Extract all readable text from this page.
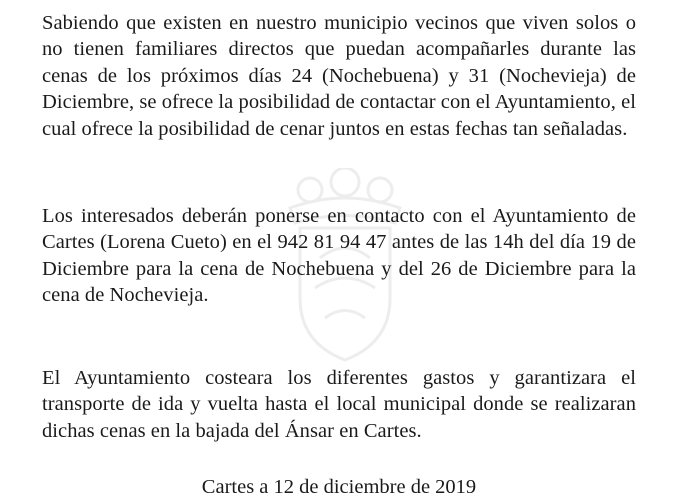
Sabiendo que existen en nuestro municipio vecinos que viven solos o no tienen familiares directos que puedan acompañarles durante las cenas de los próximos días 24 (Nochebuena) y 31 (Nochevieja) de Diciembre, se ofrece la posibilidad de contactar con el Ayuntamiento, el cual ofrece la posibilidad de cenar juntos en estas fechas tan señaladas.

Los interesados deberán ponerse en contacto con el Ayuntamiento de Cartes (Lorena Cueto) en el 942 81 94 47 antes de las 14h del día 19 de Diciembre para la cena de Nochebuena y del 26 de Diciembre para la cena de Nochevieja.

El Ayuntamiento costeara los diferentes gastos y garantizara el transporte de ida y vuelta hasta el local municipal donde se realizaran dichas cenas en la bajada del Ánsar en Cartes.

Cartes a 12 de diciembre de 2019
